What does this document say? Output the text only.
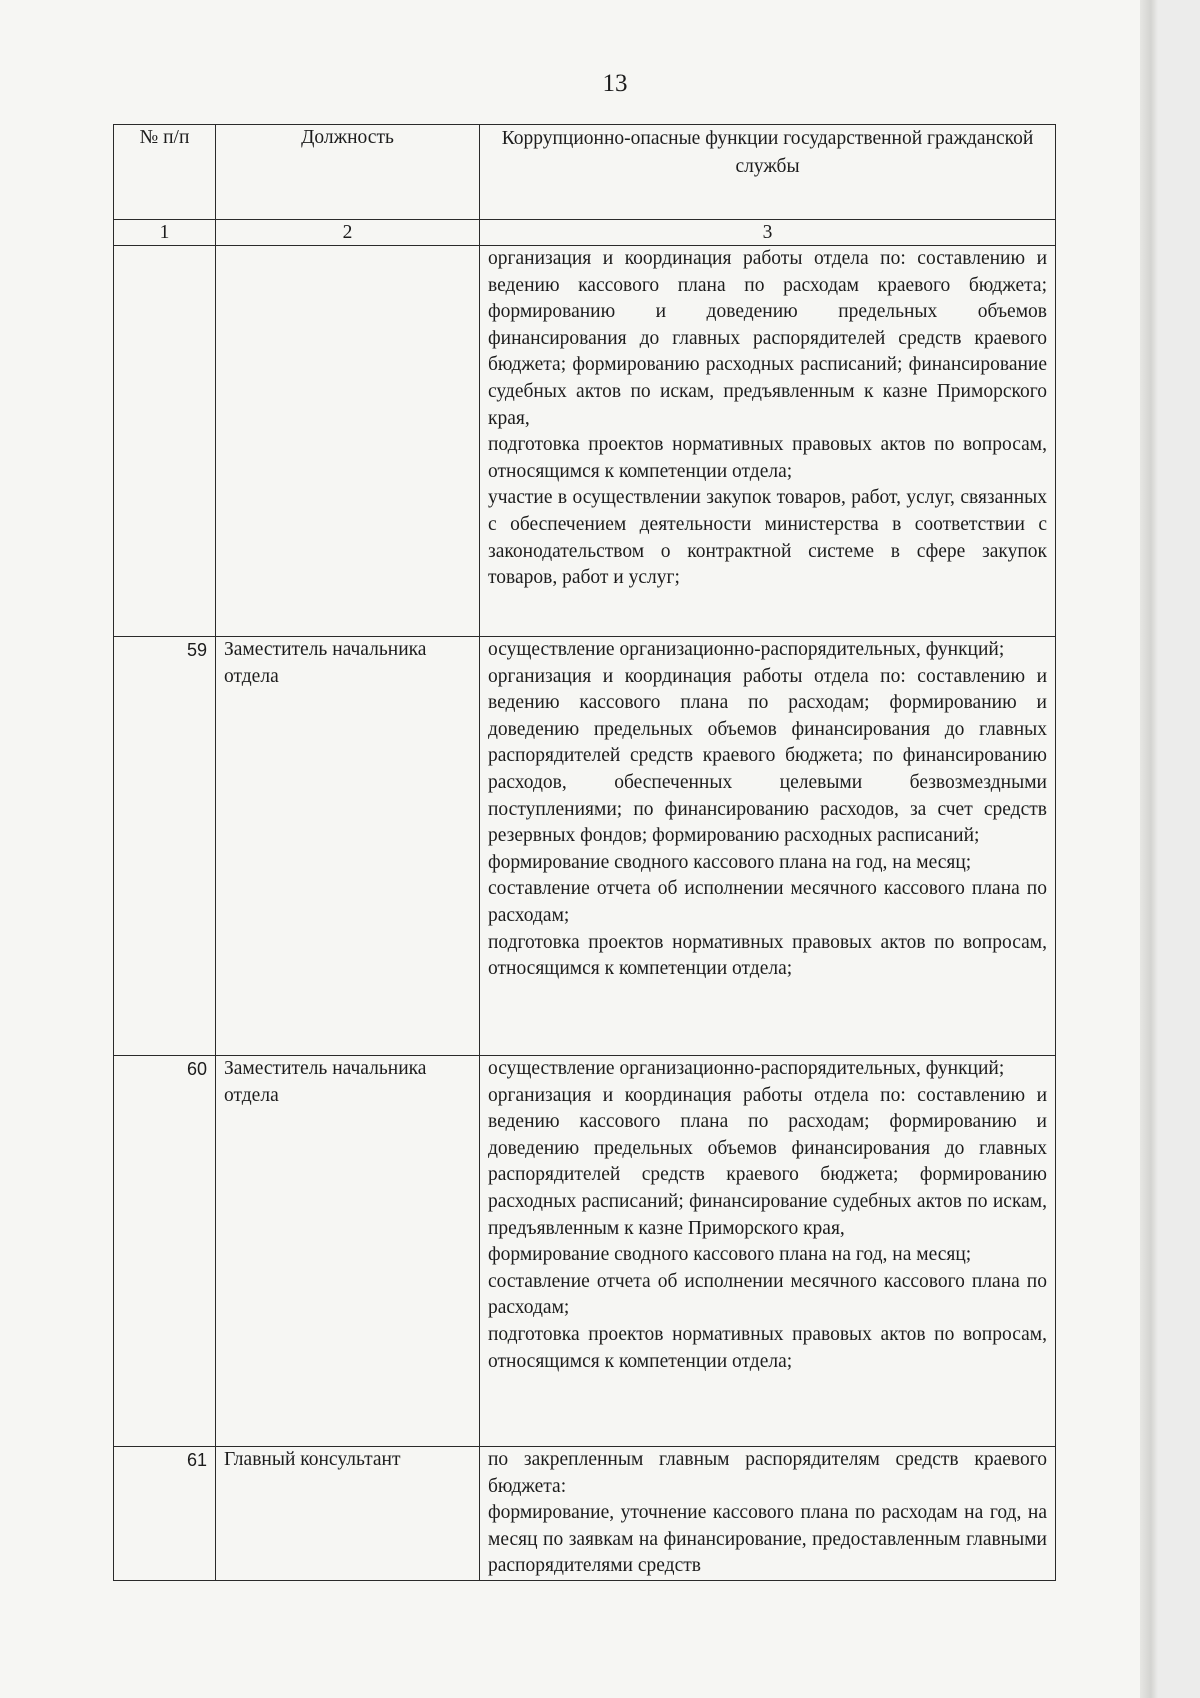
13
№ п/п	Должность	Коррупционно-опасные функции государственной гражданской службы

1	2	3

		организация и координация работы отдела по: составлению и ведению кассового плана по расходам краевого бюджета; формированию и доведению предельных объемов финансирования до главных распорядителей средств краевого бюджета; формированию расходных расписаний; финансирование судебных актов по искам, предъявленным к казне Приморского края,

подготовка проектов нормативных правовых актов по вопросам, относящимся к компетенции отдела;

участие в осуществлении закупок товаров, работ, услуг, связанных с обеспечением деятельности министерства в соответствии с законодательством о контрактной системе в сфере закупок товаров, работ и услуг;

59	Заместитель начальника отдела	осуществление организационно-распорядительных, функций;

организация и координация работы отдела по: составлению и ведению кассового плана по расходам; формированию и доведению предельных объемов финансирования до главных распорядителей средств краевого бюджета; по финансированию расходов, обеспеченных целевыми безвозмездными поступлениями; по финансированию расходов, за счет средств резервных фондов; формированию расходных расписаний;

формирование сводного кассового плана на год, на месяц;

составление отчета об исполнении месячного кассового плана по расходам;

подготовка проектов нормативных правовых актов по вопросам, относящимся к компетенции отдела;

60	Заместитель начальника отдела	осуществление организационно-распорядительных, функций;

организация и координация работы отдела по: составлению и ведению кассового плана по расходам; формированию и доведению предельных объемов финансирования до главных распорядителей средств краевого бюджета; формированию расходных расписаний; финансирование судебных актов по искам, предъявленным к казне Приморского края,

формирование сводного кассового плана на год, на месяц;

составление отчета об исполнении месячного кассового плана по расходам;

подготовка проектов нормативных правовых актов по вопросам, относящимся к компетенции отдела;

61	Главный консультант	по закрепленным главным распорядителям средств краевого бюджета:

формирование, уточнение кассового плана по расходам на год, на месяц по заявкам на финансирование, предоставленным главными распорядителями средств
